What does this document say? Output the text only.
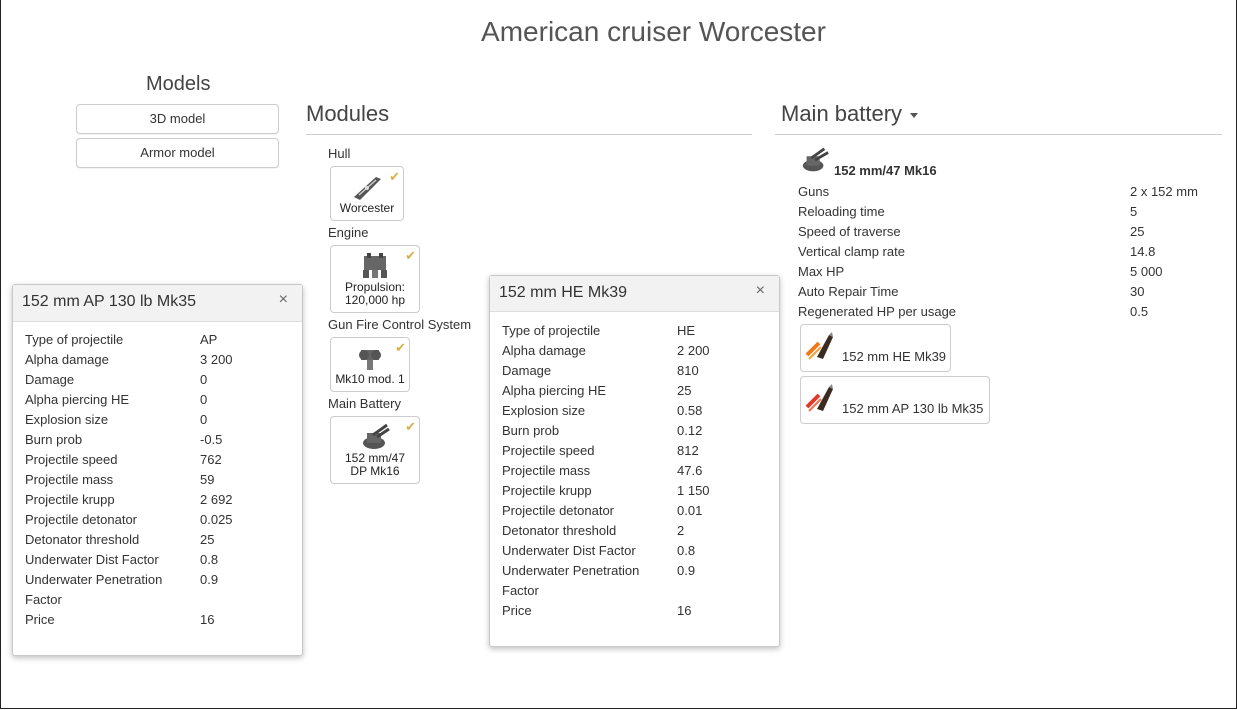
American cruiser Worcester
Models
3D model
Armor model
Modules
Hull
✔
Worcester
Engine
✔
Propulsion: 120,000 hp
Gun Fire Control System
✔
Mk10 mod. 1
Main Battery
✔
152 mm/47 DP Mk16
Main battery
152 mm/47 Mk16
Guns	2 x 152 mm
Reloading time	5
Speed of traverse	25
Vertical clamp rate	14.8
Max HP	5 000
Auto Repair Time	30
Regenerated HP per usage	0.5
152 mm HE Mk39
152 mm AP 130 lb Mk35
152 mm AP 130 lb Mk35	×
Type of projectile	AP
Alpha damage	3 200
Damage	0
Alpha piercing HE	0
Explosion size	0
Burn prob	-0.5
Projectile speed	762
Projectile mass	59
Projectile krupp	2 692
Projectile detonator	0.025
Detonator threshold	25
Underwater Dist Factor	0.8
Underwater Penetration	0.9
Factor	
Price	16
152 mm HE Mk39	×
Type of projectile	HE
Alpha damage	2 200
Damage	810
Alpha piercing HE	25
Explosion size	0.58
Burn prob	0.12
Projectile speed	812
Projectile mass	47.6
Projectile krupp	1 150
Projectile detonator	0.01
Detonator threshold	2
Underwater Dist Factor	0.8
Underwater Penetration	0.9
Factor	
Price	16
